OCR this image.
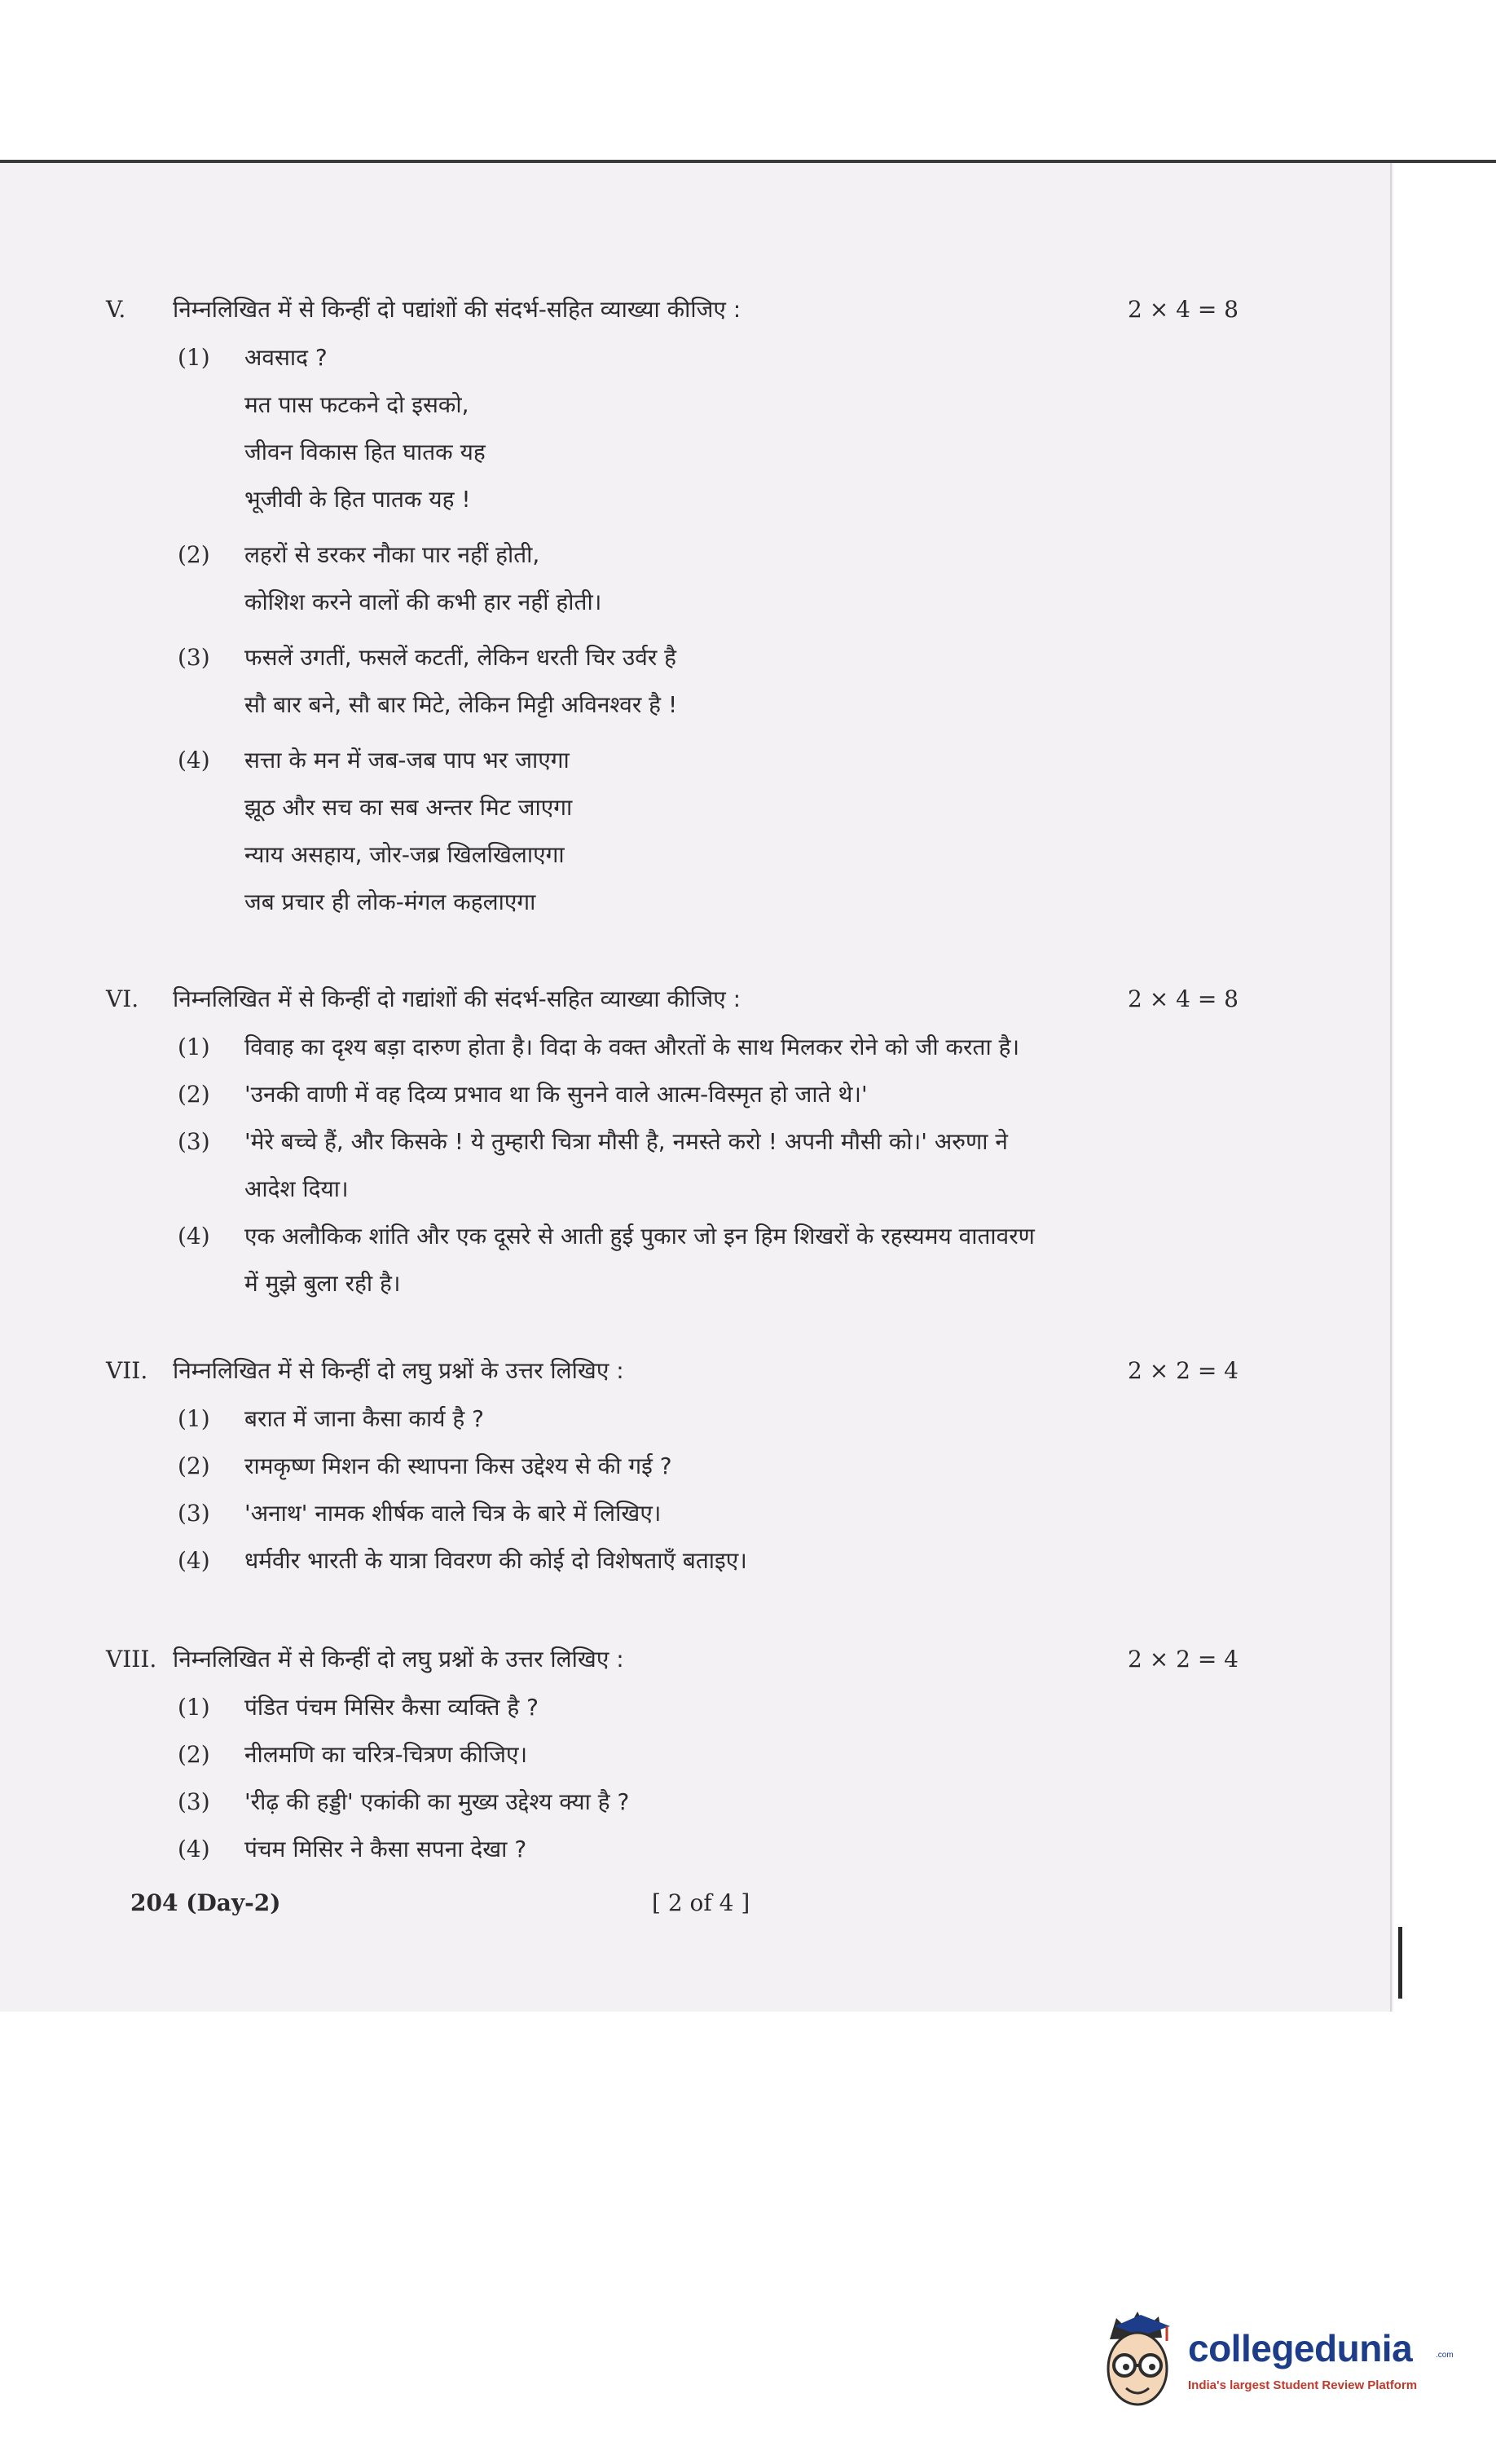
V.	निम्नलिखित में से किन्हीं दो पद्यांशों की संदर्भ-सहित व्याख्या कीजिए :	2 × 4 = 8
(1) अवसाद ?
मत पास फटकने दो इसको,
जीवन विकास हित घातक यह
भूजीवी के हित पातक यह !
(2) लहरों से डरकर नौका पार नहीं होती,
कोशिश करने वालों की कभी हार नहीं होती।
(3) फसलें उगतीं, फसलें कटतीं, लेकिन धरती चिर उर्वर है
सौ बार बने, सौ बार मिटे, लेकिन मिट्टी अविनश्वर है !
(4) सत्ता के मन में जब-जब पाप भर जाएगा
झूठ और सच का सब अन्तर मिट जाएगा
न्याय असहाय, जोर-जब्र खिलखिलाएगा
जब प्रचार ही लोक-मंगल कहलाएगा
VI.	निम्नलिखित में से किन्हीं दो गद्यांशों की संदर्भ-सहित व्याख्या कीजिए :	2 × 4 = 8
(1) विवाह का दृश्य बड़ा दारुण होता है। विदा के वक्त औरतों के साथ मिलकर रोने को जी करता है।
(2) 'उनकी वाणी में वह दिव्य प्रभाव था कि सुनने वाले आत्म-विस्मृत हो जाते थे।'
(3) 'मेरे बच्चे हैं, और किसके ! ये तुम्हारी चित्रा मौसी है, नमस्ते करो ! अपनी मौसी को।' अरुणा ने
आदेश दिया।
(4) एक अलौकिक शांति और एक दूसरे से आती हुई पुकार जो इन हिम शिखरों के रहस्यमय वातावरण
में मुझे बुला रही है।
VII.	निम्नलिखित में से किन्हीं दो लघु प्रश्नों के उत्तर लिखिए :	2 × 2 = 4
(1) बरात में जाना कैसा कार्य है ?
(2) रामकृष्ण मिशन की स्थापना किस उद्देश्य से की गई ?
(3) 'अनाथ' नामक शीर्षक वाले चित्र के बारे में लिखिए।
(4) धर्मवीर भारती के यात्रा विवरण की कोई दो विशेषताएँ बताइए।
VIII. निम्नलिखित में से किन्हीं दो लघु प्रश्नों के उत्तर लिखिए :	2 × 2 = 4
(1) पंडित पंचम मिसिर कैसा व्यक्ति है ?
(2) नीलमणि का चरित्र-चित्रण कीजिए।
(3) 'रीढ़ की हड्डी' एकांकी का मुख्य उद्देश्य क्या है ?
(4) पंचम मिसिर ने कैसा सपना देखा ?
204 (Day-2)	[ 2 of 4 ]
collegedunia	.com
India's largest Student Review Platform
